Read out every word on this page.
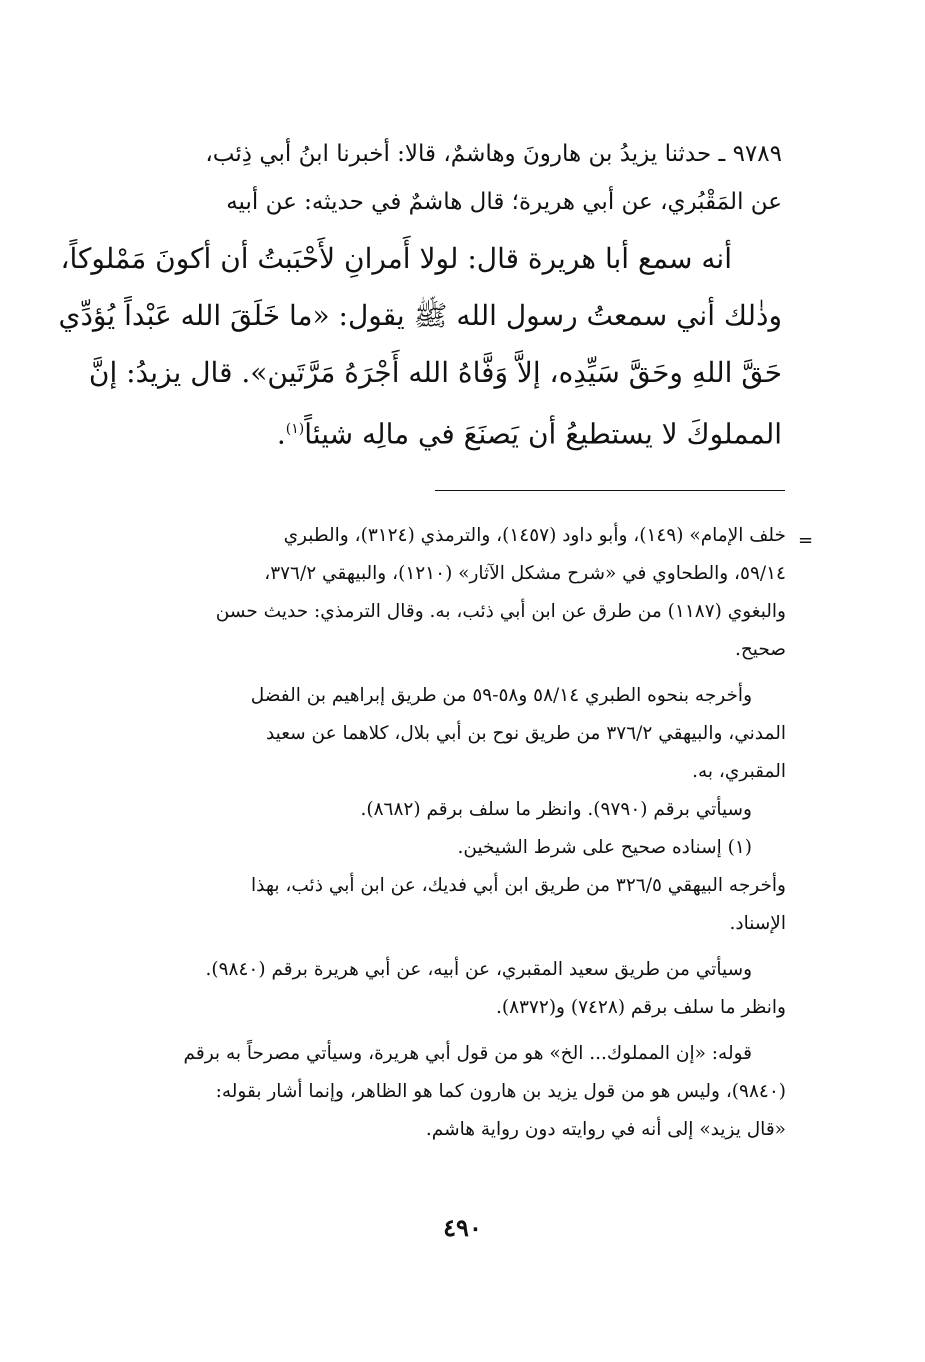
٩٧٨٩ ـ حدثنا يزيدُ بن هارونَ وهاشمٌ، قالا: أخبرنا ابنُ أبي ذِئب،
عن المَقْبُري، عن أبي هريرة؛ قال هاشمٌ في حديثه: عن أبيه
أنه سمع أبا هريرة قال: لولا أَمرانِ لأَحْبَبتُ أن أكونَ مَمْلوكاً،
وذٰلك أني سمعتُ رسول الله ﷺ يقول: «ما خَلَقَ الله عَبْداً يُؤدِّي
حَقَّ اللهِ وحَقَّ سَيِّدِه، إلاَّ وَفَّاهُ الله أَجْرَهُ مَرَّتَين». قال يزيدُ: إنَّ
المملوكَ لا يستطيعُ أن يَصنَعَ في مالِه شيئاً$^{(١)}$.
=
خلف الإمام» (١٤٩)، وأبو داود (١٤٥٧)، والترمذي (٣١٢٤)، والطبري
٥٩/١٤، والطحاوي في «شرح مشكل الآثار» (١٢١٠)، والبيهقي ٣٧٦/٢،
والبغوي (١١٨٧) من طرق عن ابن أبي ذئب، به. وقال الترمذي: حديث حسن
صحيح.
وأخرجه بنحوه الطبري ٥٨/١٤ و٥٨-٥٩ من طريق إبراهيم بن الفضل
المدني، والبيهقي ٣٧٦/٢ من طريق نوح بن أبي بلال، كلاهما عن سعيد
المقبري، به.
وسيأتي برقم (٩٧٩٠). وانظر ما سلف برقم (٨٦٨٢).
(١) إسناده صحيح على شرط الشيخين.
وأخرجه البيهقي ٣٢٦/٥ من طريق ابن أبي فديك، عن ابن أبي ذئب، بهذا
الإسناد.
وسيأتي من طريق سعيد المقبري، عن أبيه، عن أبي هريرة برقم (٩٨٤٠).
وانظر ما سلف برقم (٧٤٢٨) و(٨٣٧٢).
قوله: «إن المملوك... الخ» هو من قول أبي هريرة، وسيأتي مصرحاً به برقم
(٩٨٤٠)، وليس هو من قول يزيد بن هارون كما هو الظاهر، وإنما أشار بقوله:
«قال يزيد» إلى أنه في روايته دون رواية هاشم.
٤٩٠
